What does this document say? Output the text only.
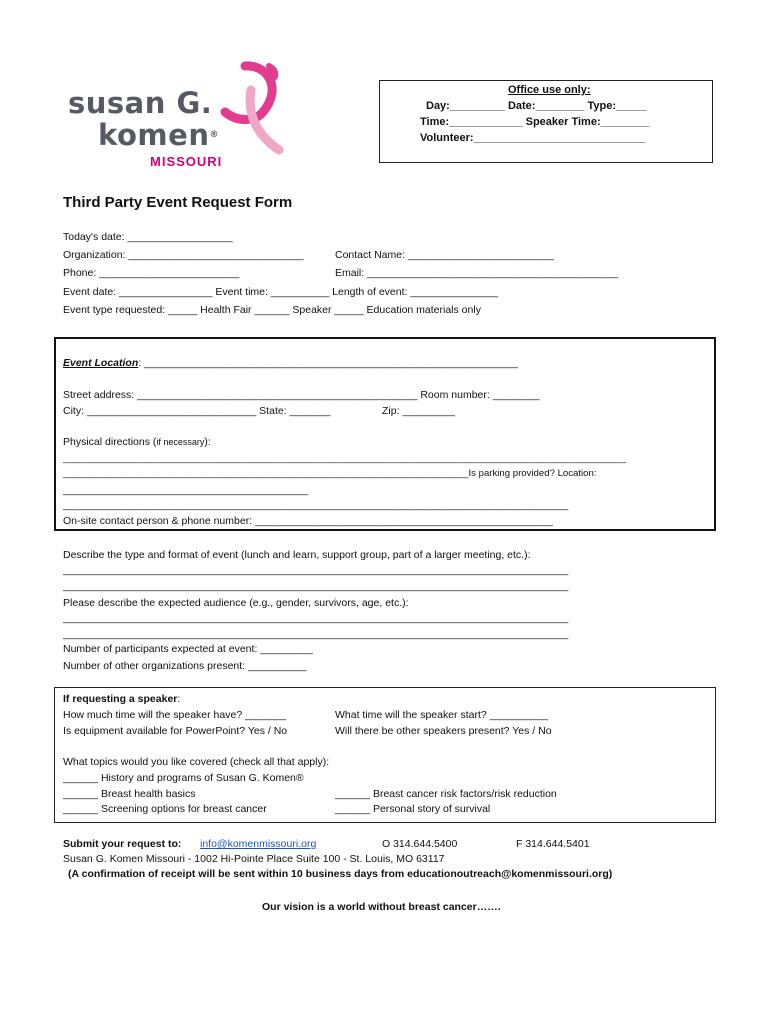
susan G.
komen®
MISSOURI
Office use only:
Day:_________ Date:________ Type:_____
Time:____________ Speaker Time:________
Volunteer:____________________________
Third Party Event Request Form
Today's date: __________________
Organization: ______________________________	Contact Name: _________________________
Phone: ________________________	Email: ___________________________________________
Event date: ________________ Event time: __________ Length of event: _______________
Event type requested: _____ Health Fair ______ Speaker _____ Education materials only
Event Location: ________________________________________________________________
Street address: ________________________________________________ Room number: ________
City: _____________________________ State: _______	Zip: _________
Physical directions (if necessary):
____________________________________________________________________________________________________________
____________________________________________________________________________Is parking provided? Location:
__________________________________________
____________________________________________________________________________________________
On-site contact person & phone number: ___________________________________________________
Describe the type and format of event (lunch and learn, support group, part of a larger meeting, etc.):
____________________________________________________________________________________________
____________________________________________________________________________________________
Please describe the expected audience (e.g., gender, survivors, age, etc.):
____________________________________________________________________________________________
____________________________________________________________________________________________
Number of participants expected at event: _________
Number of other organizations present: __________
If requesting a speaker:
How much time will the speaker have? _______	What time will the speaker start? __________
Is equipment available for PowerPoint? Yes / No	Will there be other speakers present? Yes / No
What topics would you like covered (check all that apply):
______ History and programs of Susan G. Komen®
______ Breast health basics	______ Breast cancer risk factors/risk reduction
______ Screening options for breast cancer	______ Personal story of survival
Submit your request to: info@komenmissouri.org	O 314.644.5400	F 314.644.5401
Susan G. Komen Missouri - 1002 Hi-Pointe Place Suite 100 - St. Louis, MO 63117
(A confirmation of receipt will be sent within 10 business days from educationoutreach@komenmissouri.org)
Our vision is a world without breast cancer…….
